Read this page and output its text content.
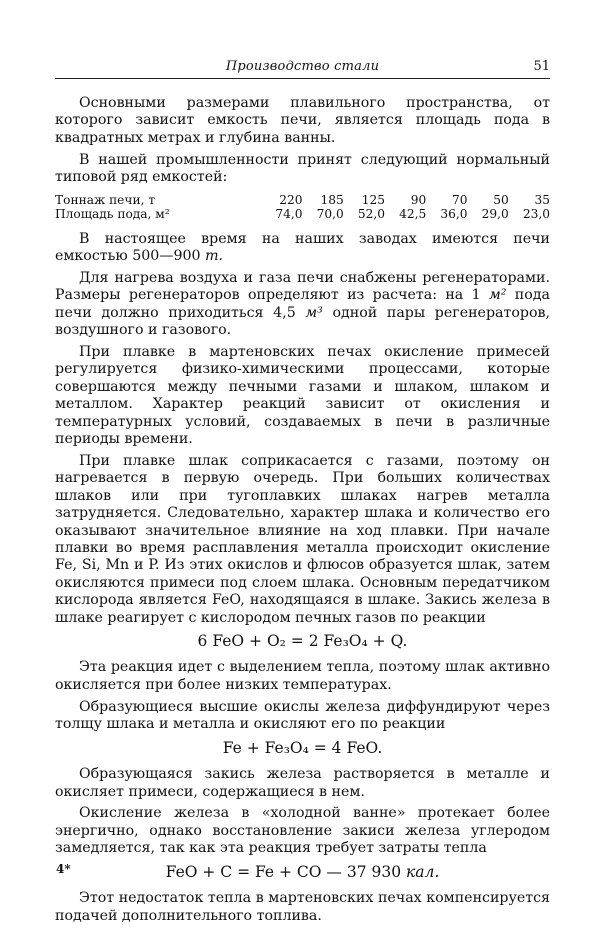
Производство стали	51

Основными размерами плавильного пространства, от которого зависит емкость печи, является площадь пода в квадратных метрах и глубина ванны.

В нашей промышленности принят следующий нормальный типовой ряд емкостей:

Тоннаж печи, т	220	185	125	90	70	50	35
Площадь пода, м²	74,0	70,0	52,0	42,5	36,0	29,0	23,0

В настоящее время на наших заводах имеются печи емкостью 500—900 т.

Для нагрева воздуха и газа печи снабжены регенераторами. Размеры регенераторов определяют из расчета: на 1 м² пода печи должно приходиться 4,5 м³ одной пары регенераторов, воздушного и газового.

При плавке в мартеновских печах окисление примесей регулируется физико-химическими процессами, которые совершаются между печными газами и шлаком, шлаком и металлом. Характер реакций зависит от окисления и температурных условий, создаваемых в печи в различные периоды времени.

При плавке шлак соприкасается с газами, поэтому он нагревается в первую очередь. При больших количествах шлаков или при тугоплавких шлаках нагрев металла затрудняется. Следовательно, характер шлака и количество его оказывают значительное влияние на ход плавки. При начале плавки во время расплавления металла происходит окисление Fe, Si, Mn и P. Из этих окислов и флюсов образуется шлак, затем окисляются примеси под слоем шлака. Основным передатчиком кислорода является FeO, находящаяся в шлаке. Закись железа в шлаке реагирует с кислородом печных газов по реакции

6 FeO + O₂ = 2 Fe₃O₄ + Q.

Эта реакция идет с выделением тепла, поэтому шлак активно окисляется при более низких температурах.

Образующиеся высшие окислы железа диффундируют через толщу шлака и металла и окисляют его по реакции

Fe + Fe₃O₄ = 4 FeO.

Образующаяся закись железа растворяется в металле и окисляет примеси, содержащиеся в нем.

Окисление железа в «холодной ванне» протекает более энергично, однако восстановление закиси железа углеродом замедляется, так как эта реакция требует затраты тепла

FeO + C = Fe + CO — 37 930 кал.

Этот недостаток тепла в мартеновских печах компенсируется подачей дополнительного топлива.

4*
